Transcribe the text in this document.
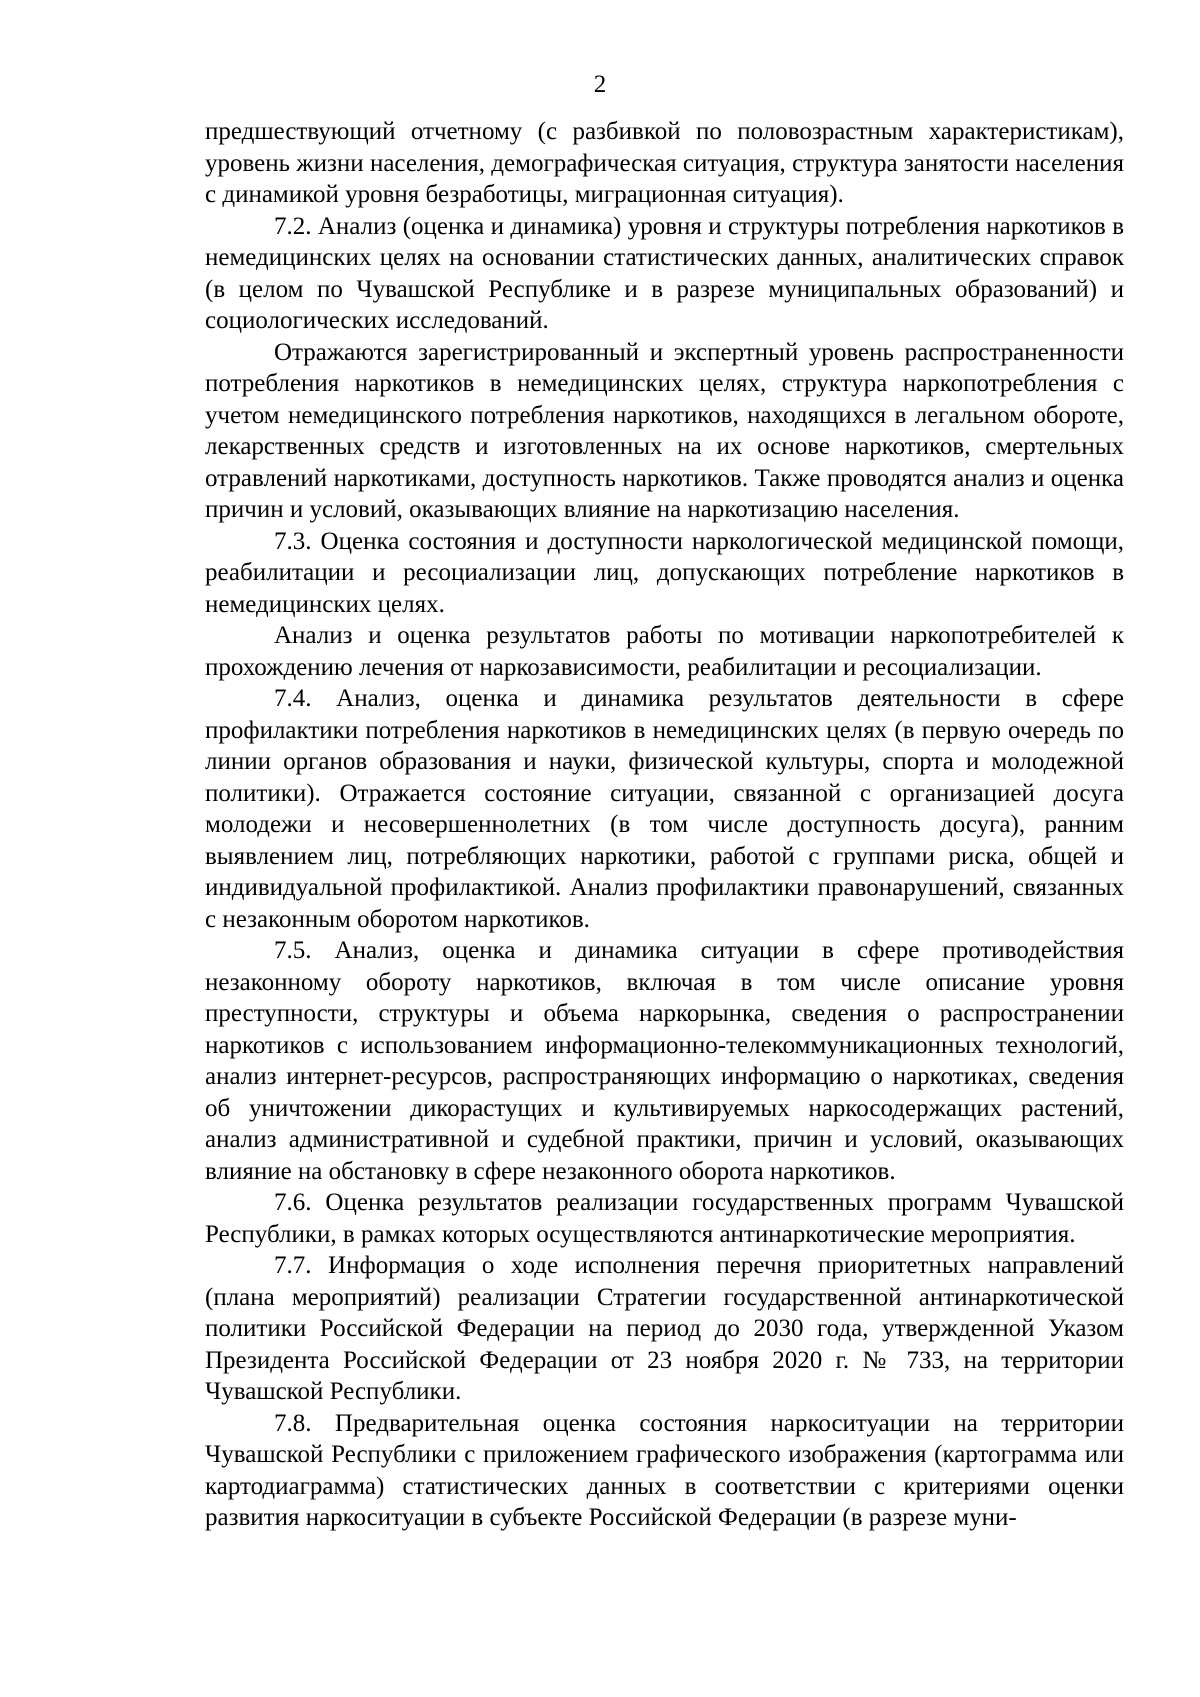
2

предшествующий отчетному (с разбивкой по половозрастным характеристикам), уровень жизни населения, демографическая ситуация, структура занятости населения с динамикой уровня безработицы, миграционная ситуация).

7.2. Анализ (оценка и динамика) уровня и структуры потребления наркотиков в немедицинских целях на основании статистических данных, аналитических справок (в целом по Чувашской Республике и в разрезе муниципальных образований) и социологических исследований.

Отражаются зарегистрированный и экспертный уровень распространенности потребления наркотиков в немедицинских целях, структура наркопотребления с учетом немедицинского потребления наркотиков, находящихся в легальном обороте, лекарственных средств и изготовленных на их основе наркотиков, смертельных отравлений наркотиками, доступность наркотиков. Также проводятся анализ и оценка причин и условий, оказывающих влияние на наркотизацию населения.

7.3. Оценка состояния и доступности наркологической медицинской помощи, реабилитации и ресоциализации лиц, допускающих потребление наркотиков в немедицинских целях.

Анализ и оценка результатов работы по мотивации наркопотребителей к прохождению лечения от наркозависимости, реабилитации и ресоциализации.

7.4. Анализ, оценка и динамика результатов деятельности в сфере профилактики потребления наркотиков в немедицинских целях (в первую очередь по линии органов образования и науки, физической культуры, спорта и молодежной политики). Отражается состояние ситуации, связанной с организацией досуга молодежи и несовершеннолетних (в том числе доступность досуга), ранним выявлением лиц, потребляющих наркотики, работой с группами риска, общей и индивидуальной профилактикой. Анализ профилактики правонарушений, связанных с незаконным оборотом наркотиков.

7.5. Анализ, оценка и динамика ситуации в сфере противодействия незаконному обороту наркотиков, включая в том числе описание уровня преступности, структуры и объема наркорынка, сведения о распространении наркотиков с использованием информационно-телекоммуникационных технологий, анализ интернет-ресурсов, распространяющих информацию о наркотиках, сведения об уничтожении дикорастущих и культивируемых наркосодержащих растений, анализ административной и судебной практики, причин и условий, оказывающих влияние на обстановку в сфере незаконного оборота наркотиков.

7.6. Оценка результатов реализации государственных программ Чувашской Республики, в рамках которых осуществляются антинаркотические мероприятия.

7.7. Информация о ходе исполнения перечня приоритетных направлений (плана мероприятий) реализации Стратегии государственной антинаркотической политики Российской Федерации на период до 2030 года, утвержденной Указом Президента Российской Федерации от 23 ноября 2020 г. № 733, на территории Чувашской Республики.

7.8. Предварительная оценка состояния наркоситуации на территории Чувашской Республики с приложением графического изображения (картограмма или картодиаграмма) статистических данных в соответствии с критериями оценки развития наркоситуации в субъекте Российской Федерации (в разрезе муни-
